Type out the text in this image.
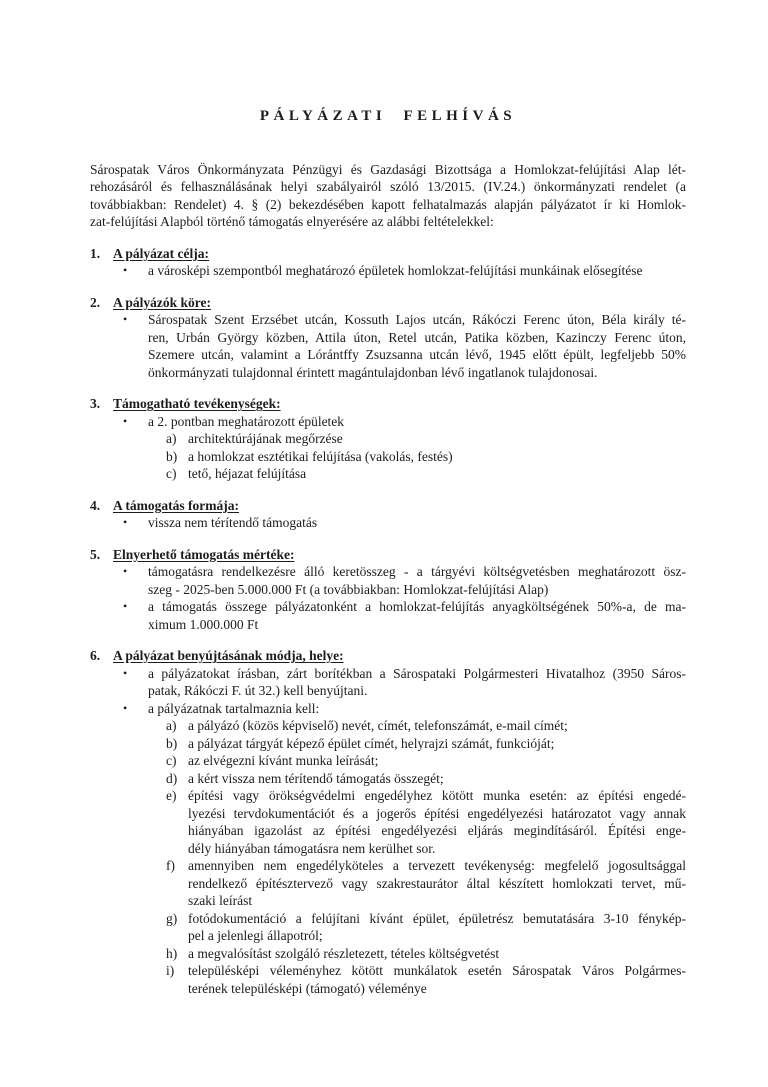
PÁLYÁZATI FELHÍVÁS
Sárospatak Város Önkormányzata Pénzügyi és Gazdasági Bizottsága a Homlokzat-felújítási Alap lét-
rehozásáról és felhasználásának helyi szabályairól szóló 13/2015. (IV.24.) önkormányzati rendelet (a
továbbiakban: Rendelet) 4. § (2) bekezdésében kapott felhatalmazás alapján pályázatot ír ki Homlok-
zat-felújítási Alapból történő támogatás elnyerésére az alábbi feltételekkel:
1. A pályázat célja:
•	a városképi szempontból meghatározó épületek homlokzat-felújítási munkáinak elősegítése
2. A pályázók köre:
•	Sárospatak Szent Erzsébet utcán, Kossuth Lajos utcán, Rákóczi Ferenc úton, Béla király té-
ren, Urbán György közben, Attila úton, Retel utcán, Patika közben, Kazinczy Ferenc úton,
Szemere utcán, valamint a Lórántffy Zsuzsanna utcán lévő, 1945 előtt épült, legfeljebb 50%
önkormányzati tulajdonnal érintett magántulajdonban lévő ingatlanok tulajdonosai.
3. Támogatható tevékenységek:
•	a 2. pontban meghatározott épületek
a) architektúrájának megőrzése
b) a homlokzat esztétikai felújítása (vakolás, festés)
c) tető, héjazat felújítása
4. A támogatás formája:
•	vissza nem térítendő támogatás
5. Elnyerhető támogatás mértéke:
•	támogatásra rendelkezésre álló keretösszeg - a tárgyévi költségvetésben meghatározott ösz-
szeg - 2025-ben 5.000.000 Ft (a továbbiakban: Homlokzat-felújítási Alap)
•	a támogatás összege pályázatonként a homlokzat-felújítás anyagköltségének 50%-a, de ma-
ximum 1.000.000 Ft
6. A pályázat benyújtásának módja, helye:
•	a pályázatokat írásban, zárt borítékban a Sárospataki Polgármesteri Hivatalhoz (3950 Sáros-
patak, Rákóczi F. út 32.) kell benyújtani.
•	a pályázatnak tartalmaznia kell:
a) a pályázó (közös képviselő) nevét, címét, telefonszámát, e-mail címét;
b) a pályázat tárgyát képező épület címét, helyrajzi számát, funkcióját;
c) az elvégezni kívánt munka leírását;
d) a kért vissza nem térítendő támogatás összegét;
e) építési vagy örökségvédelmi engedélyhez kötött munka esetén: az építési engedé-
lyezési tervdokumentációt és a jogerős építési engedélyezési határozatot vagy annak
hiányában igazolást az építési engedélyezési eljárás megindításáról. Építési enge-
dély hiányában támogatásra nem kerülhet sor.
f) amennyiben nem engedélyköteles a tervezett tevékenység: megfelelő jogosultsággal
rendelkező építésztervező vagy szakrestaurátor által készített homlokzati tervet, mű-
szaki leírást
g) fotódokumentáció a felújítani kívánt épület, épületrész bemutatására 3-10 fénykép-
pel a jelenlegi állapotról;
h) a megvalósítást szolgáló részletezett, tételes költségvetést
i)	településképi véleményhez kötött munkálatok esetén Sárospatak Város Polgármes-
terének településképi (támogató) véleménye
